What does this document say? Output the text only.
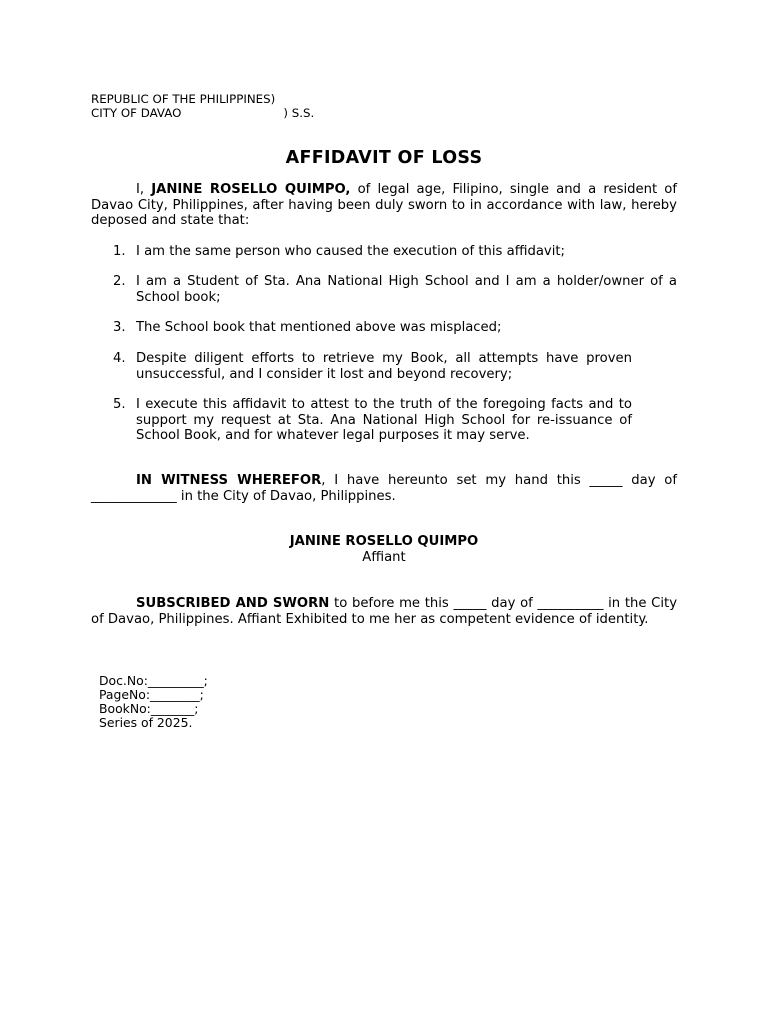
REPUBLIC OF THE PHILIPPINES)
CITY OF DAVAO	) S.S.
AFFIDAVIT OF LOSS

I, JANINE ROSELLO QUIMPO, of legal age, Filipino, single and a resident of Davao City, Philippines, after having been duly sworn to in accordance with law, hereby deposed and state that:

1. I am the same person who caused the execution of this affidavit;
2. I am a Student of Sta. Ana National High School and I am a holder/owner of a School book;
3. The School book that mentioned above was misplaced;
4. Despite diligent efforts to retrieve my Book, all attempts have proven unsuccessful, and I consider it lost and beyond recovery;
5. I execute this affidavit to attest to the truth of the foregoing facts and to support my request at Sta. Ana National High School for re-issuance of School Book, and for whatever legal purposes it may serve.

IN WITNESS WHEREFOR, I have hereunto set my hand this _____ day of _____________ in the City of Davao, Philippines.

JANINE ROSELLO QUIMPO
Affiant

SUBSCRIBED AND SWORN to before me this _____ day of __________ in the City of Davao, Philippines. Affiant Exhibited to me her as competent evidence of identity.

Doc.No:_________;
PageNo:________;
BookNo:_______;
Series of 2025.
